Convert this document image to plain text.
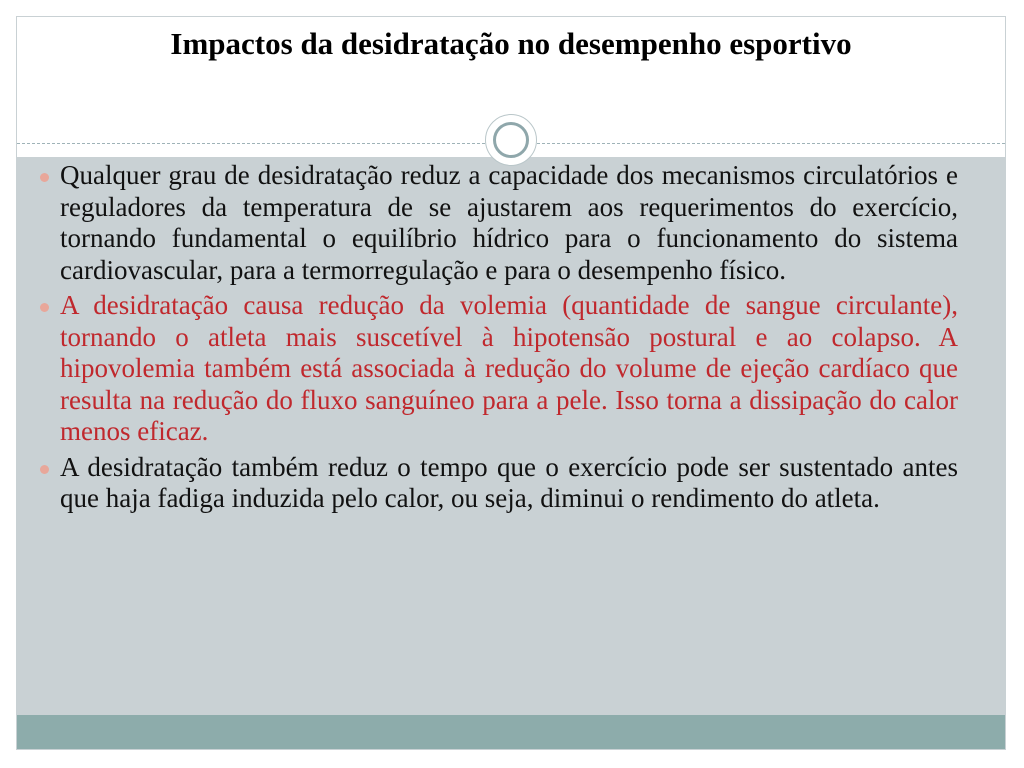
Impactos da desidratação no desempenho esportivo
Qualquer grau de desidratação reduz a capacidade dos mecanismos circulatórios e reguladores da temperatura de se ajustarem aos requerimentos do exercício, tornando fundamental o equilíbrio hídrico para o funcionamento do sistema cardiovascular, para a termorregulação e para o desempenho físico.
A desidratação causa redução da volemia (quantidade de sangue circulante), tornando o atleta mais suscetível à hipotensão postural e ao colapso. A hipovolemia também está associada à redução do volume de ejeção cardíaco que resulta na redução do fluxo sanguíneo para a pele. Isso torna a dissipação do calor menos eficaz.
A desidratação também reduz o tempo que o exercício pode ser sustentado antes que haja fadiga induzida pelo calor, ou seja, diminui o rendimento do atleta.
